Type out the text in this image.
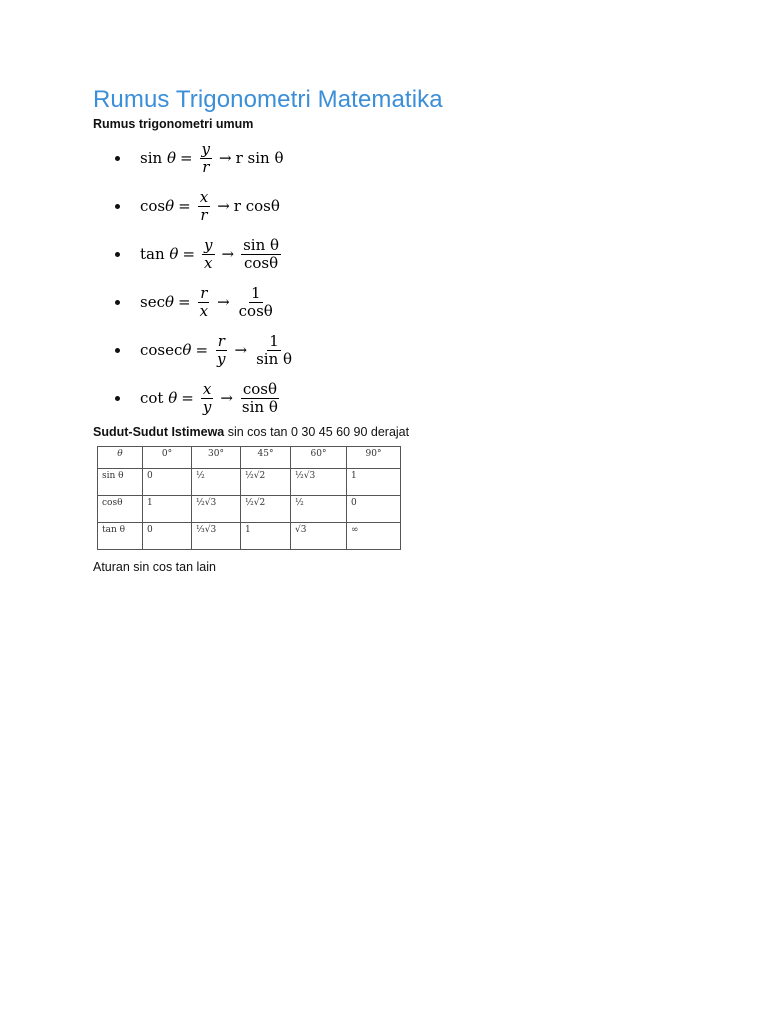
Rumus Trigonometri Matematika
Rumus trigonometri umum
sin
$\theta = \frac{y}{r} \to r$ sin θ
$\cos \theta = \frac{x}{r} \to r$ cosθ
tan
$\theta = \frac{y}{x} \to \frac{\text{sin θ}}{\cos\theta}$
$\sec \theta = \frac{r}{x} \to \frac{1}{\cos\theta}$
cosec $\theta = \frac{r}{y} \to \frac{1}{\text{sin θ}}$
cot
$\theta = \frac{x}{y} \to \frac{\cos\theta}{\text{sin θ}}$
Sudut-Sudut Istimewa sin cos tan 0 30 45 60 90 derajat
θ	0°	30°	45°	60°	90°
sin θ	0	½	½√2	½√3	1
cosθ	1	½√3	½√2	½	0
tan θ	0	⅓√3	1	√3	∞
Aturan sin cos tan lain
